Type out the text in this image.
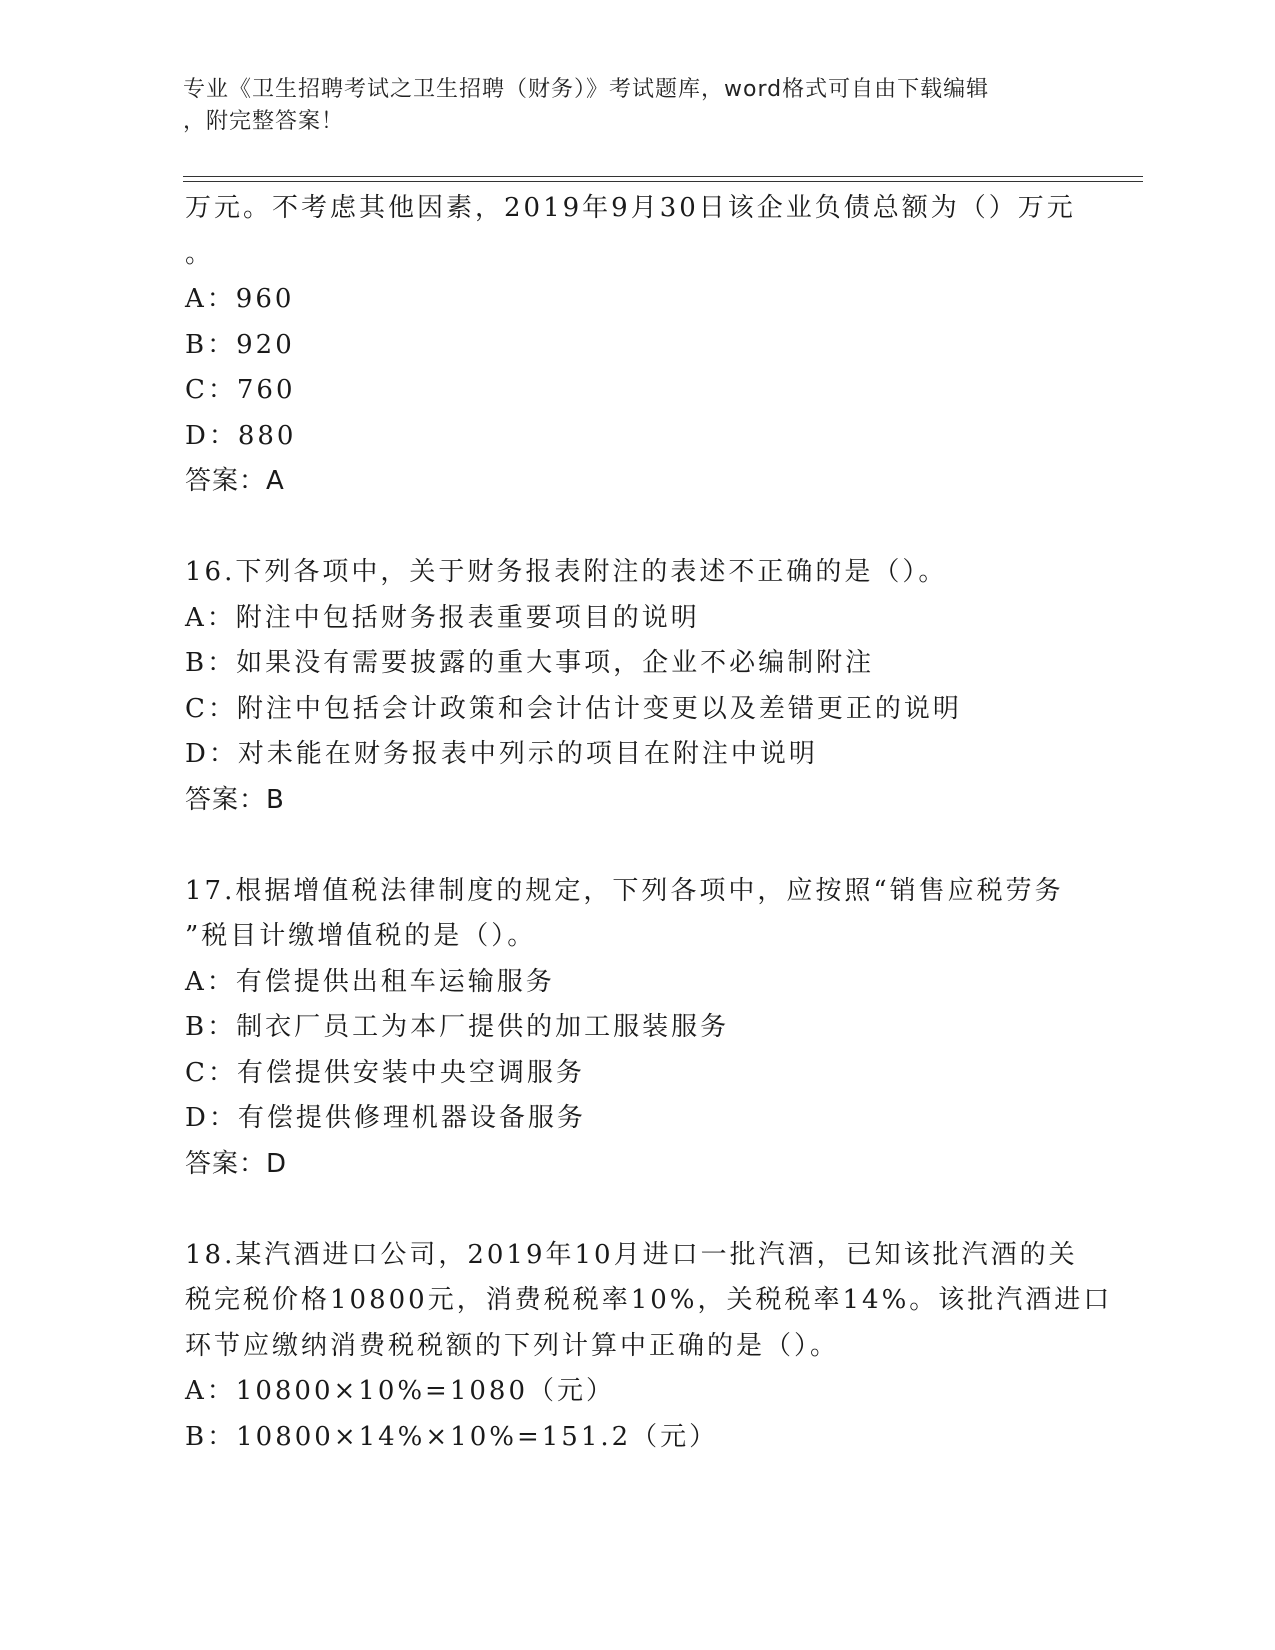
专业《卫生招聘考试之卫生招聘（财务）》考试题库，word格式可自由下载编辑
，附完整答案！
万元。不考虑其他因素，2019年9月30日该企业负债总额为（）万元
。
A：960
B：920
C：760
D：880
答案：A
16.下列各项中，关于财务报表附注的表述不正确的是（）。
A：附注中包括财务报表重要项目的说明
B：如果没有需要披露的重大事项，企业不必编制附注
C：附注中包括会计政策和会计估计变更以及差错更正的说明
D：对未能在财务报表中列示的项目在附注中说明
答案：B
17.根据增值税法律制度的规定，下列各项中，应按照“销售应税劳务
”税目计缴增值税的是（）。
A：有偿提供出租车运输服务
B：制衣厂员工为本厂提供的加工服装服务
C：有偿提供安装中央空调服务
D：有偿提供修理机器设备服务
答案：D
18.某汽酒进口公司，2019年10月进口一批汽酒，已知该批汽酒的关
税完税价格10800元，消费税税率10%，关税税率14%。该批汽酒进口
环节应缴纳消费税税额的下列计算中正确的是（）。
A：10800×10%=1080（元）
B：10800×14%×10%=151.2（元）
